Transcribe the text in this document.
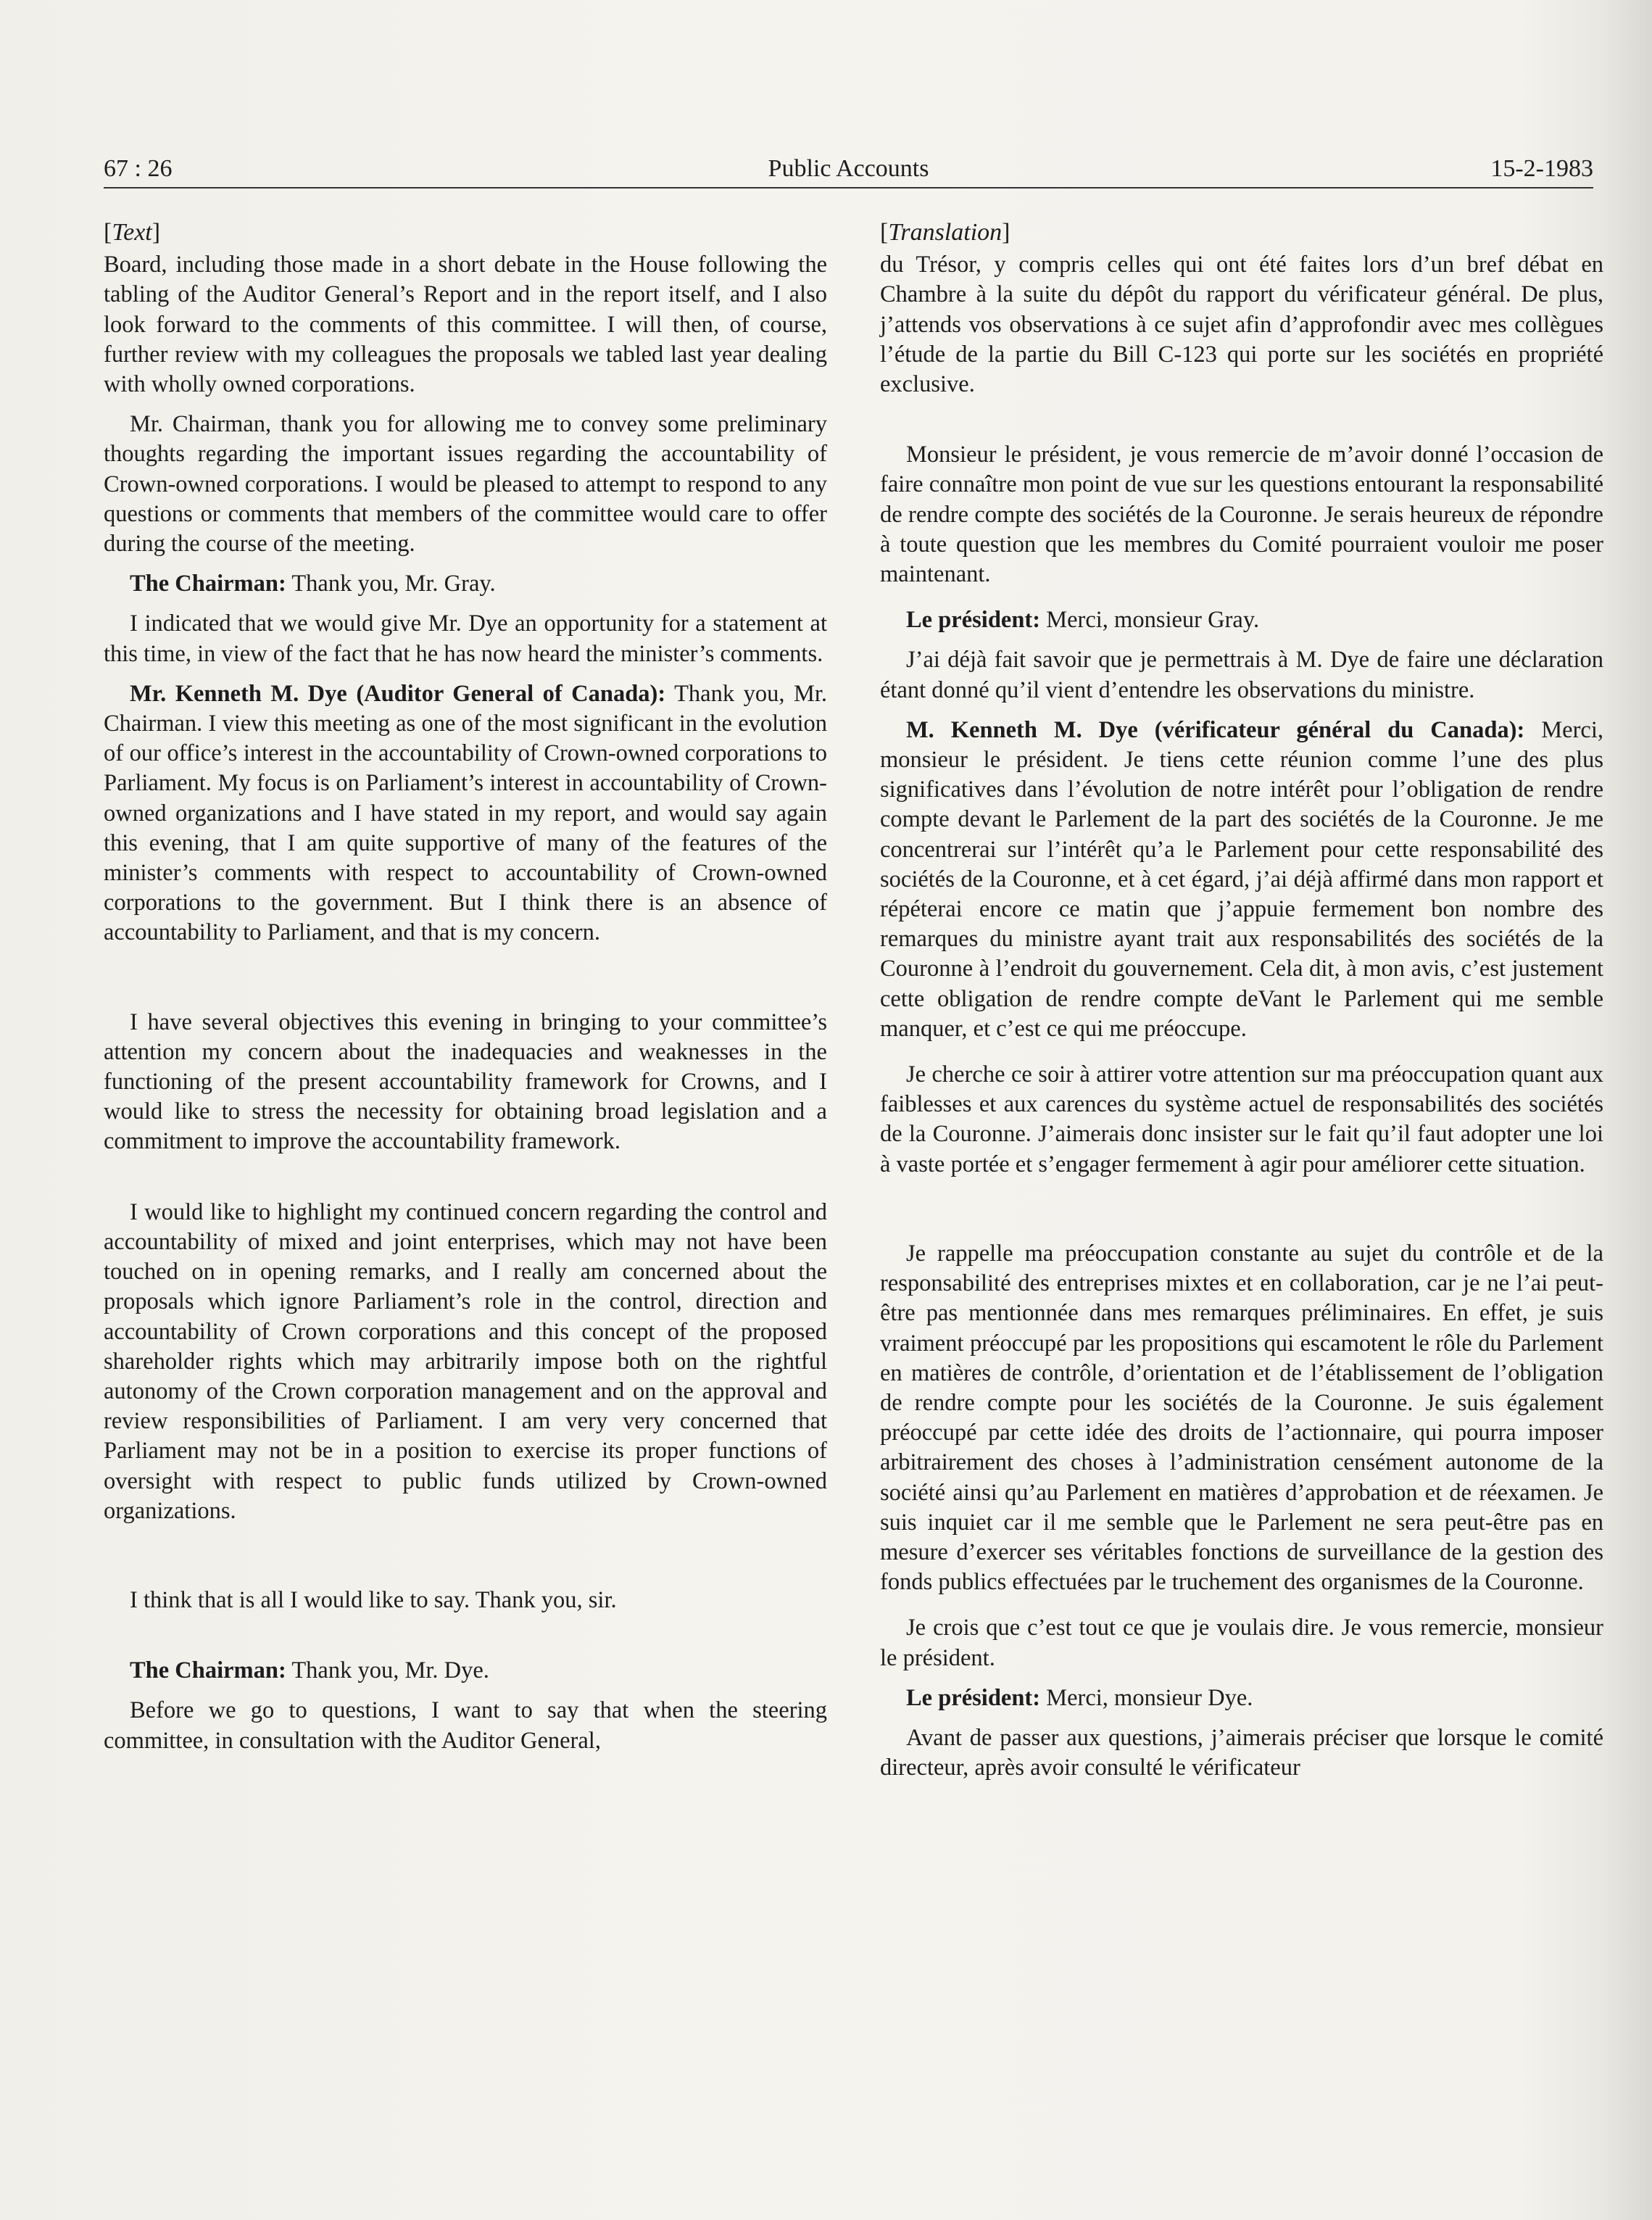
67 : 26	Public Accounts	15-2-1983

[Text]

Board, including those made in a short debate in the House following the tabling of the Auditor General’s Report and in the report itself, and I also look forward to the comments of this committee. I will then, of course, further review with my colleagues the proposals we tabled last year dealing with wholly owned corporations.

Mr. Chairman, thank you for allowing me to convey some preliminary thoughts regarding the important issues regarding the accountability of Crown-owned corporations. I would be pleased to attempt to respond to any questions or comments that members of the committee would care to offer during the course of the meeting.

The Chairman: Thank you, Mr. Gray.

I indicated that we would give Mr. Dye an opportunity for a statement at this time, in view of the fact that he has now heard the minister’s comments.

Mr. Kenneth M. Dye (Auditor General of Canada): Thank you, Mr. Chairman. I view this meeting as one of the most significant in the evolution of our office’s interest in the accountability of Crown-owned corporations to Parliament. My focus is on Parliament’s interest in accountability of Crown-owned organizations and I have stated in my report, and would say again this evening, that I am quite supportive of many of the features of the minister’s comments with respect to accountability of Crown-owned corporations to the government. But I think there is an absence of accountability to Parliament, and that is my concern.

I have several objectives this evening in bringing to your committee’s attention my concern about the inadequacies and weaknesses in the functioning of the present accountability framework for Crowns, and I would like to stress the necessity for obtaining broad legislation and a commitment to improve the accountability framework.

I would like to highlight my continued concern regarding the control and accountability of mixed and joint enterprises, which may not have been touched on in opening remarks, and I really am concerned about the proposals which ignore Parliament’s role in the control, direction and accountability of Crown corporations and this concept of the proposed shareholder rights which may arbitrarily impose both on the rightful autonomy of the Crown corporation management and on the approval and review responsibilities of Parliament. I am very very concerned that Parliament may not be in a position to exercise its proper functions of oversight with respect to public funds utilized by Crown-owned organizations.

I think that is all I would like to say. Thank you, sir.

The Chairman: Thank you, Mr. Dye.

Before we go to questions, I want to say that when the steering committee, in consultation with the Auditor General,

[Translation]

du Trésor, y compris celles qui ont été faites lors d’un bref débat en Chambre à la suite du dépôt du rapport du vérificateur général. De plus, j’attends vos observations à ce sujet afin d’approfondir avec mes collègues l’étude de la partie du Bill C-123 qui porte sur les sociétés en propriété exclusive.

Monsieur le président, je vous remercie de m’avoir donné l’occasion de faire connaître mon point de vue sur les questions entourant la responsabilité de rendre compte des sociétés de la Couronne. Je serais heureux de répondre à toute question que les membres du Comité pourraient vouloir me poser maintenant.

Le président: Merci, monsieur Gray.

J’ai déjà fait savoir que je permettrais à M. Dye de faire une déclaration étant donné qu’il vient d’entendre les observations du ministre.

M. Kenneth M. Dye (vérificateur général du Canada): Merci, monsieur le président. Je tiens cette réunion comme l’une des plus significatives dans l’évolution de notre intérêt pour l’obligation de rendre compte devant le Parlement de la part des sociétés de la Couronne. Je me concentrerai sur l’intérêt qu’a le Parlement pour cette responsabilité des sociétés de la Couronne, et à cet égard, j’ai déjà affirmé dans mon rapport et répéterai encore ce matin que j’appuie fermement bon nombre des remarques du ministre ayant trait aux responsabilités des sociétés de la Couronne à l’endroit du gouvernement. Cela dit, à mon avis, c’est justement cette obligation de rendre compte deVant le Parlement qui me semble manquer, et c’est ce qui me préoccupe.

Je cherche ce soir à attirer votre attention sur ma préoccupation quant aux faiblesses et aux carences du système actuel de responsabilités des sociétés de la Couronne. J’aimerais donc insister sur le fait qu’il faut adopter une loi à vaste portée et s’engager fermement à agir pour améliorer cette situation.

Je rappelle ma préoccupation constante au sujet du contrôle et de la responsabilité des entreprises mixtes et en collaboration, car je ne l’ai peut-être pas mentionnée dans mes remarques préliminaires. En effet, je suis vraiment préoccupé par les propositions qui escamotent le rôle du Parlement en matières de contrôle, d’orientation et de l’établissement de l’obligation de rendre compte pour les sociétés de la Couronne. Je suis également préoccupé par cette idée des droits de l’actionnaire, qui pourra imposer arbitrairement des choses à l’administration censément autonome de la société ainsi qu’au Parlement en matières d’approbation et de réexamen. Je suis inquiet car il me semble que le Parlement ne sera peut-être pas en mesure d’exercer ses véritables fonctions de surveillance de la gestion des fonds publics effectuées par le truchement des organismes de la Couronne.

Je crois que c’est tout ce que je voulais dire. Je vous remercie, monsieur le président.

Le président: Merci, monsieur Dye.

Avant de passer aux questions, j’aimerais préciser que lorsque le comité directeur, après avoir consulté le vérificateur
